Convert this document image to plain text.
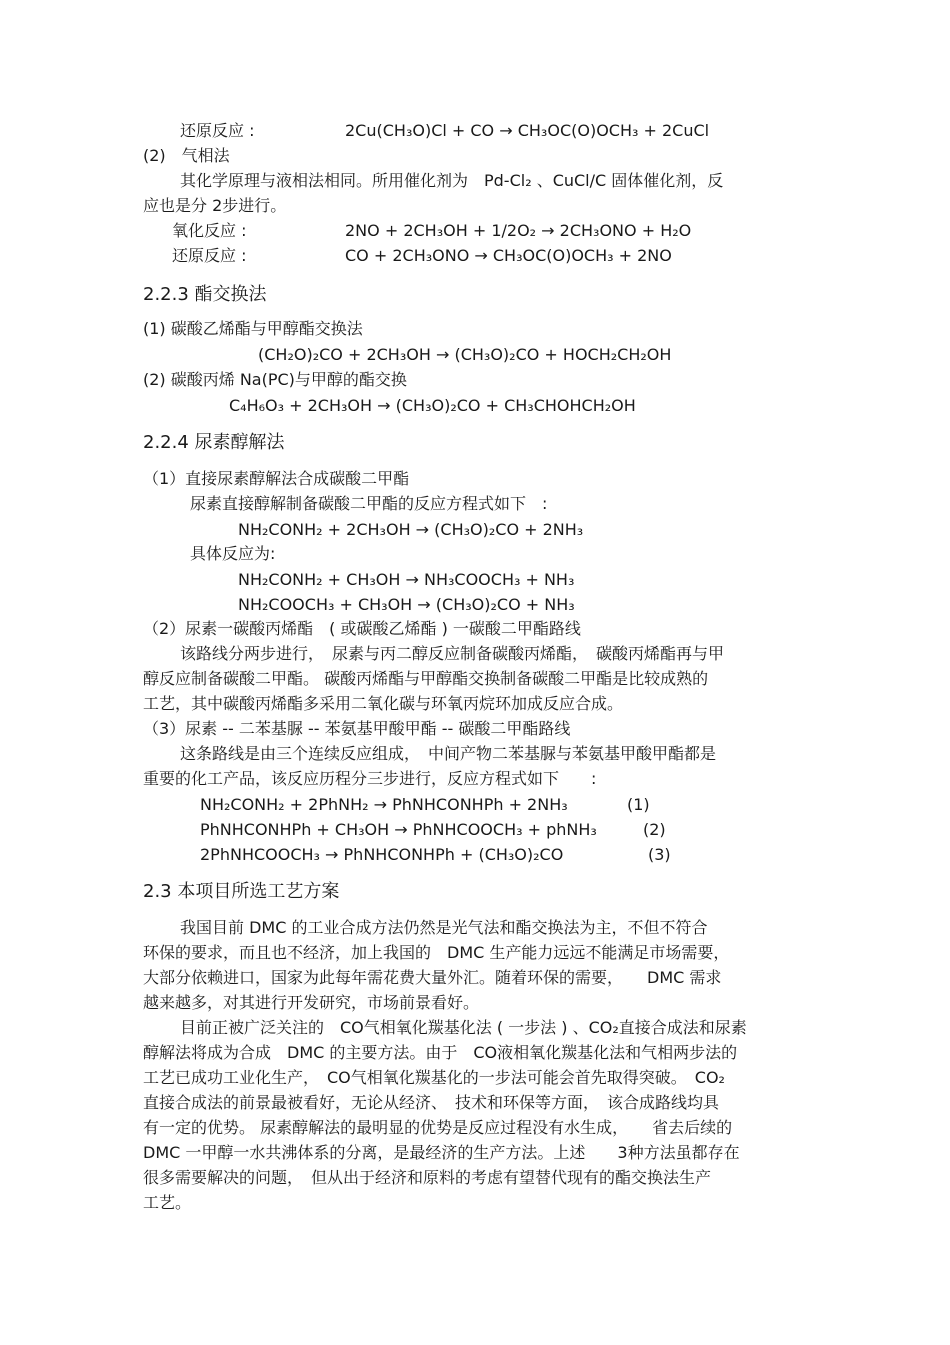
还原反应 :	2Cu(CH₃O)Cl + CO → CH₃OC(O)OCH₃ + 2CuCl
(2)　气相法
其化学原理与液相法相同。所用催化剂为　Pd-Cl₂ 、CuCl/C 固体催化剂，反
应也是分 2步进行。
氧化反应 :	2NO + 2CH₃OH + 1/2O₂ → 2CH₃ONO + H₂O
还原反应 :	CO + 2CH₃ONO → CH₃OC(O)OCH₃ + 2NO
2.2.3 酯交换法
(1) 碳酸乙烯酯与甲醇酯交换法
(CH₂O)₂CO + 2CH₃OH → (CH₃O)₂CO + HOCH₂CH₂OH
(2) 碳酸丙烯 Na(PC)与甲醇的酯交换
C₄H₆O₃ + 2CH₃OH → (CH₃O)₂CO + CH₃CHOHCH₂OH
2.2.4 尿素醇解法
（1）直接尿素醇解法合成碳酸二甲酯
尿素直接醇解制备碳酸二甲酯的反应方程式如下　:
NH₂CONH₂ + 2CH₃OH → (CH₃O)₂CO + 2NH₃
具体反应为:
NH₂CONH₂ + CH₃OH → NH₃COOCH₃ + NH₃
NH₂COOCH₃ + CH₃OH → (CH₃O)₂CO + NH₃
（2）尿素一碳酸丙烯酯　( 或碳酸乙烯酯 ) 一碳酸二甲酯路线
该路线分两步进行，　尿素与丙二醇反应制备碳酸丙烯酯，　碳酸丙烯酯再与甲
醇反应制备碳酸二甲酯。 碳酸丙烯酯与甲醇酯交换制备碳酸二甲酯是比较成熟的
工艺，其中碳酸丙烯酯多采用二氧化碳与环氧丙烷环加成反应合成。
（3）尿素 -- 二苯基脲 -- 苯氨基甲酸甲酯 -- 碳酸二甲酯路线
这条路线是由三个连续反应组成，　中间产物二苯基脲与苯氨基甲酸甲酯都是
重要的化工产品，该反应历程分三步进行，反应方程式如下　　:
NH₂CONH₂ + 2PhNH₂ → PhNHCONHPh + 2NH₃	(1)
PhNHCONHPh + CH₃OH → PhNHCOOCH₃ + phNH₃	(2)
2PhNHCOOCH₃ → PhNHCONHPh + (CH₃O)₂CO	(3)
2.3 本项目所选工艺方案
我国目前 DMC 的工业合成方法仍然是光气法和酯交换法为主，不但不符合
环保的要求，而且也不经济，加上我国的　DMC 生产能力远远不能满足市场需要，
大部分依赖进口，国家为此每年需花费大量外汇。随着环保的需要，　　DMC 需求
越来越多，对其进行开发研究，市场前景看好。
目前正被广泛关注的　CO气相氧化羰基化法 ( 一步法 ) 、CO₂直接合成法和尿素
醇解法将成为合成　DMC 的主要方法。由于　CO液相氧化羰基化法和气相两步法的
工艺已成功工业化生产，　CO气相氧化羰基化的一步法可能会首先取得突破。　CO₂
直接合成法的前景最被看好，无论从经济、　技术和环保等方面，　该合成路线均具
有一定的优势。 尿素醇解法的最明显的优势是反应过程没有水生成，　　省去后续的
DMC 一甲醇一水共沸体系的分离，是最经济的生产方法。上述　　3种方法虽都存在
很多需要解决的问题，　但从出于经济和原料的考虑有望替代现有的酯交换法生产
工艺。
